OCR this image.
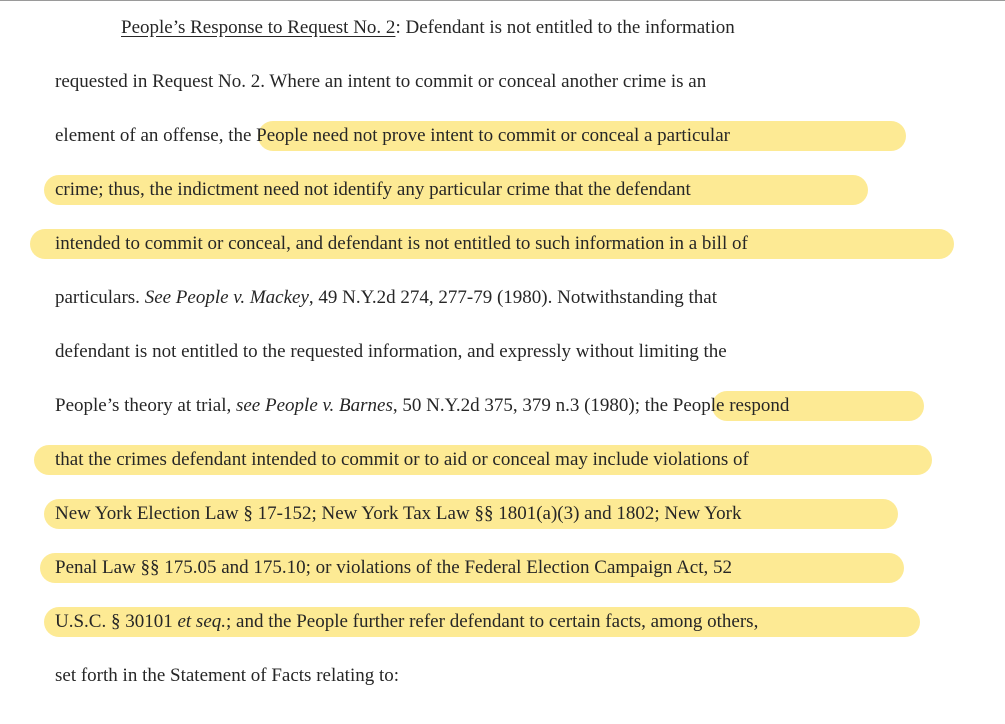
People’s Response to Request No. 2: Defendant is not entitled to the information
requested in Request No. 2. Where an intent to commit or conceal another crime is an
element of an offense, the People need not prove intent to commit or conceal a particular
crime; thus, the indictment need not identify any particular crime that the defendant
intended to commit or conceal, and defendant is not entitled to such information in a bill of
particulars. See People v. Mackey, 49 N.Y.2d 274, 277-79 (1980). Notwithstanding that
defendant is not entitled to the requested information, and expressly without limiting the
People’s theory at trial, see People v. Barnes, 50 N.Y.2d 375, 379 n.3 (1980); the People respond
that the crimes defendant intended to commit or to aid or conceal may include violations of
New York Election Law § 17-152; New York Tax Law §§ 1801(a)(3) and 1802; New York
Penal Law §§ 175.05 and 175.10; or violations of the Federal Election Campaign Act, 52
U.S.C. § 30101 et seq.; and the People further refer defendant to certain facts, among others,
set forth in the Statement of Facts relating to:
